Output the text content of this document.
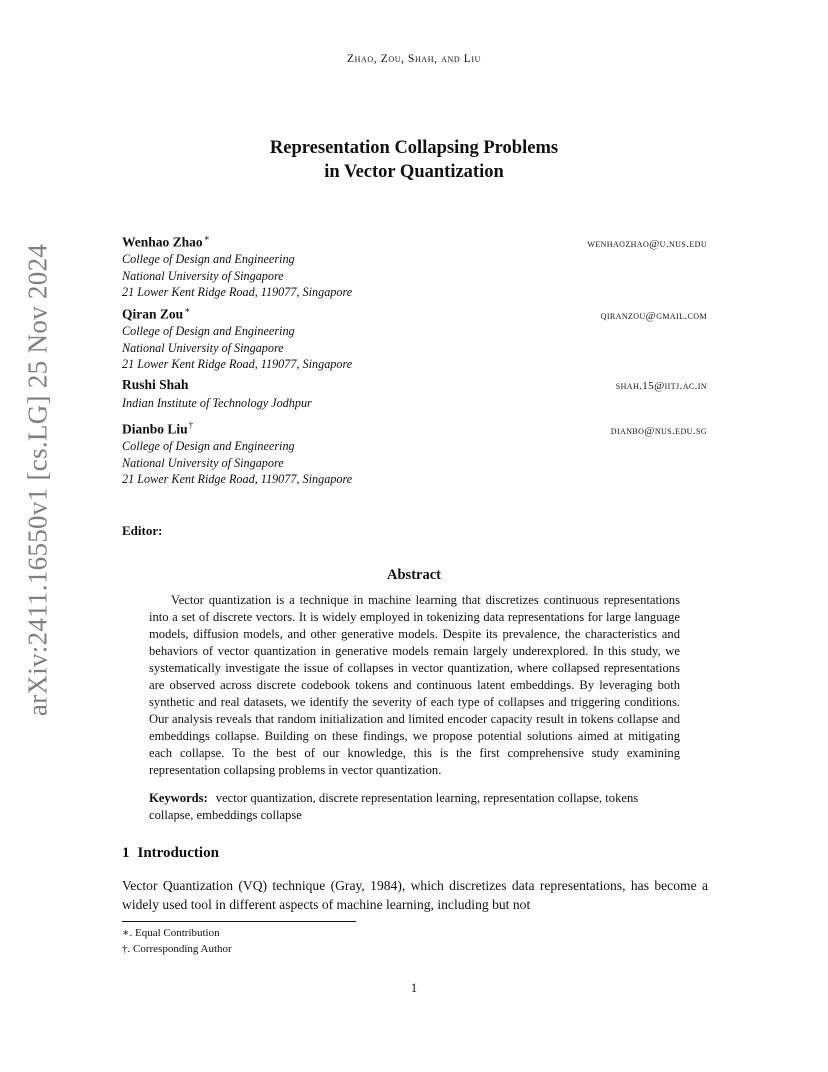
arXiv:2411.16550v1 [cs.LG] 25 Nov 2024
Zhao, Zou, Shah, and Liu
Representation Collapsing Problems
in Vector Quantization
Wenhao Zhao∗	wenhaozhao@u.nus.edu
College of Design and Engineering
National University of Singapore
21 Lower Kent Ridge Road, 119077, Singapore
Qiran Zou∗	qiranzou@gmail.com
College of Design and Engineering
National University of Singapore
21 Lower Kent Ridge Road, 119077, Singapore
Rushi Shah	shah.15@iitj.ac.in
Indian Institute of Technology Jodhpur
Dianbo Liu†	dianbo@nus.edu.sg
College of Design and Engineering
National University of Singapore
21 Lower Kent Ridge Road, 119077, Singapore
Editor:
Abstract
Vector quantization is a technique in machine learning that discretizes continuous representations into a set of discrete vectors. It is widely employed in tokenizing data representations for large language models, diffusion models, and other generative models. Despite its prevalence, the characteristics and behaviors of vector quantization in generative models remain largely underexplored. In this study, we systematically investigate the issue of collapses in vector quantization, where collapsed representations are observed across discrete codebook tokens and continuous latent embeddings. By leveraging both synthetic and real datasets, we identify the severity of each type of collapses and triggering conditions. Our analysis reveals that random initialization and limited encoder capacity result in tokens collapse and embeddings collapse. Building on these findings, we propose potential solutions aimed at mitigating each collapse. To the best of our knowledge, this is the first comprehensive study examining representation collapsing problems in vector quantization.
Keywords: vector quantization, discrete representation learning, representation collapse, tokens collapse, embeddings collapse
1 Introduction
Vector Quantization (VQ) technique (Gray, 1984), which discretizes data representations, has become a widely used tool in different aspects of machine learning, including but not
∗. Equal Contribution
†. Corresponding Author
1
